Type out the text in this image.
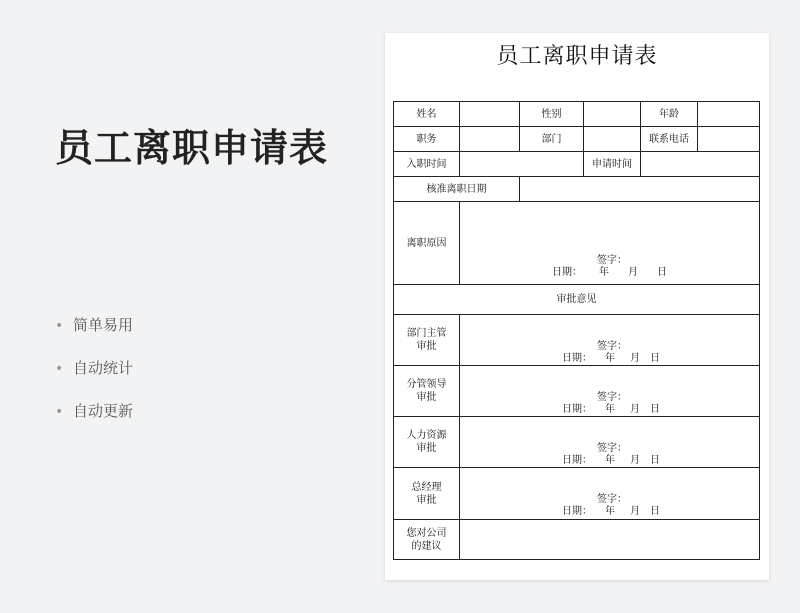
员工离职申请表
• 简单易用
• 自动统计
• 自动更新
员工离职申请表
姓名	性别	年龄
职务	部门	联系电话
入职时间	申请时间
核准离职日期
离职原因
签字：
日期： 年 月 日
审批意见
部门主管
审批	签字：
日期： 年 月 日
分管领导
审批	签字：
日期： 年 月 日
人力资源
审批	签字：
日期： 年 月 日
总经理
审批	签字：
日期： 年 月 日
您对公司
的建议
